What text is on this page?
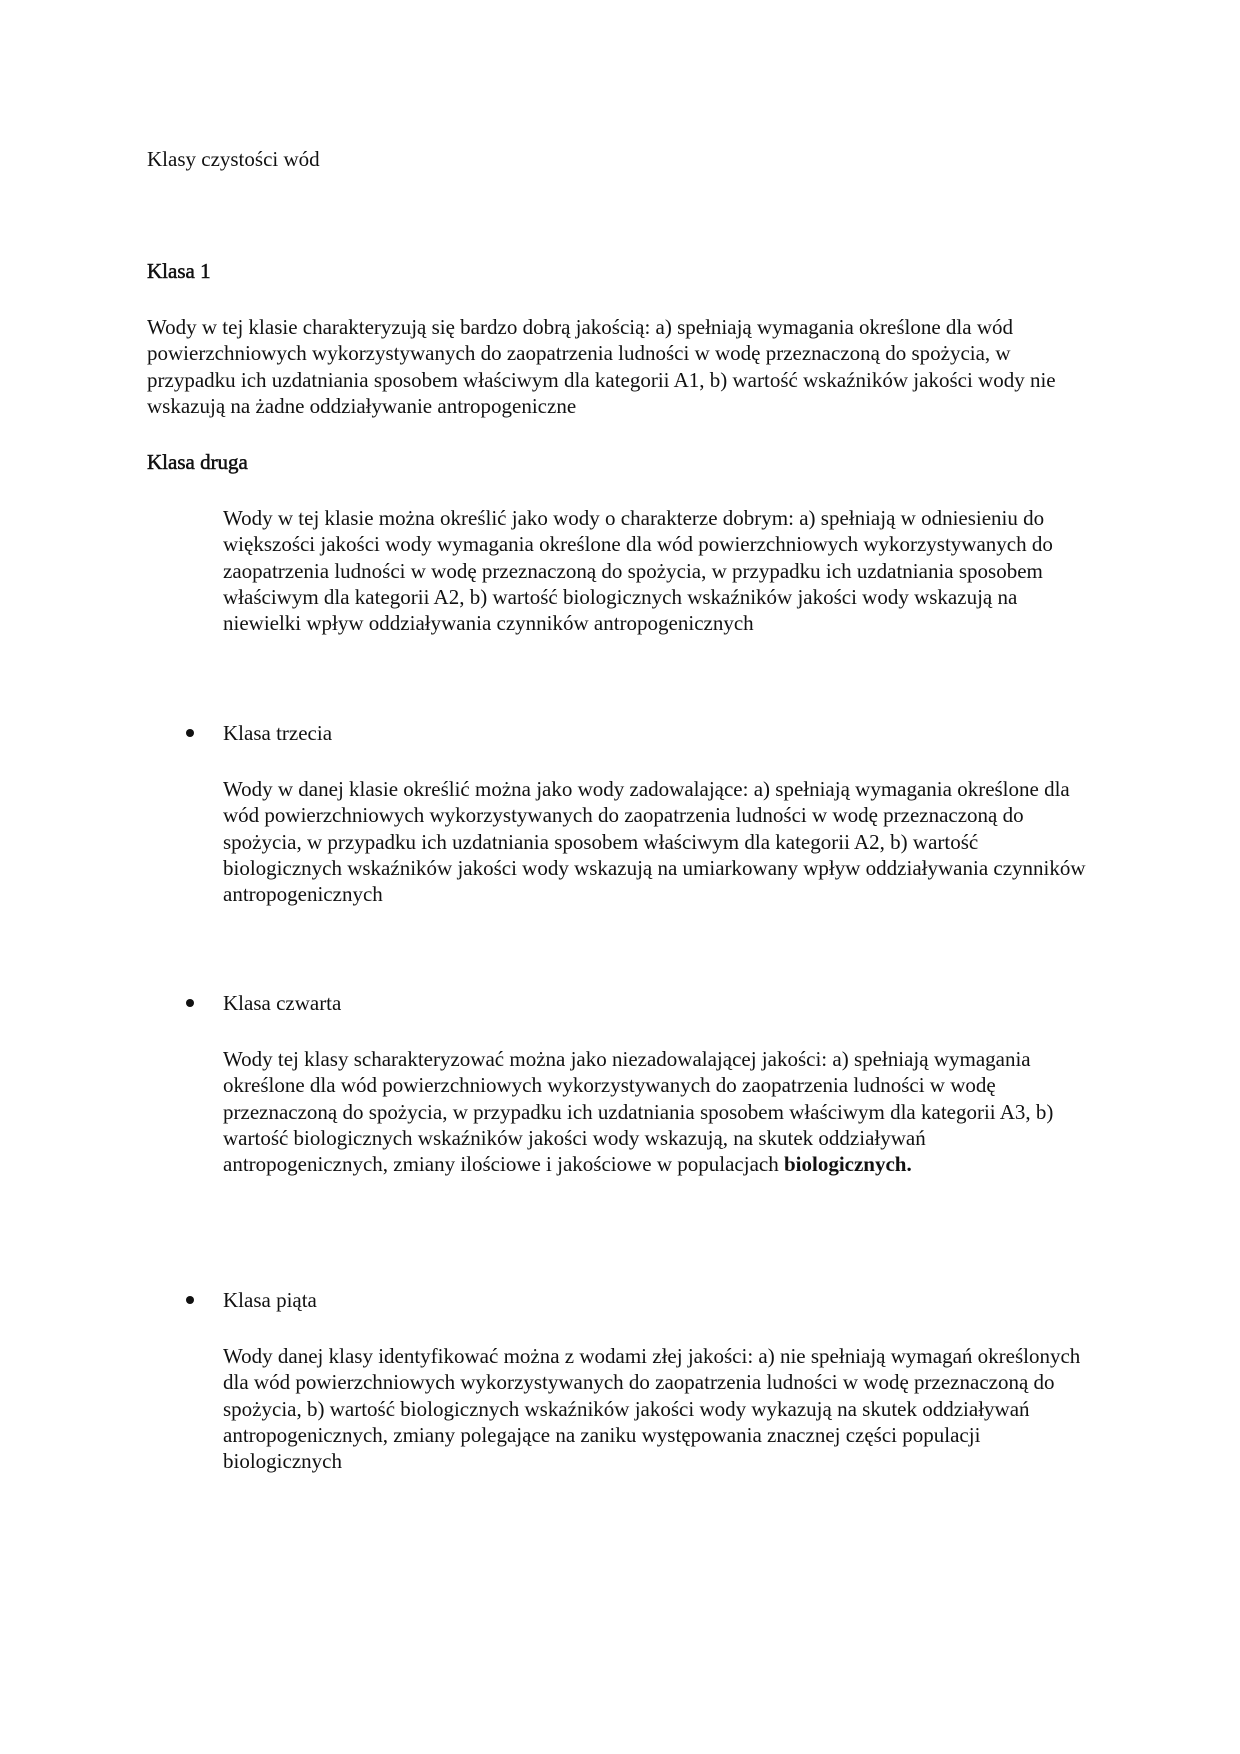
Klasy czystości wód
Klasa 1

Wody w tej klasie charakteryzują się bardzo dobrą jakością: a) spełniają wymagania określone dla wód powierzchniowych wykorzystywanych do zaopatrzenia ludności w wodę przeznaczoną do spożycia, w przypadku ich uzdatniania sposobem właściwym dla kategorii A1, b) wartość wskaźników jakości wody nie wskazują na żadne oddziaływanie antropogeniczne

Klasa druga

Wody w tej klasie można określić jako wody o charakterze dobrym: a) spełniają w odniesieniu do większości jakości wody wymagania określone dla wód powierzchniowych wykorzystywanych do zaopatrzenia ludności w wodę przeznaczoną do spożycia, w przypadku ich uzdatniania sposobem właściwym dla kategorii A2, b) wartość biologicznych wskaźników jakości wody wskazują na niewielki wpływ oddziaływania czynników antropogenicznych

Klasa trzecia

Wody w danej klasie określić można jako wody zadowalające: a) spełniają wymagania określone dla wód powierzchniowych wykorzystywanych do zaopatrzenia ludności w wodę przeznaczoną do spożycia, w przypadku ich uzdatniania sposobem właściwym dla kategorii A2, b) wartość biologicznych wskaźników jakości wody wskazują na umiarkowany wpływ oddziaływania czynników antropogenicznych

Klasa czwarta

Wody tej klasy scharakteryzować można jako niezadowalającej jakości: a) spełniają wymagania określone dla wód powierzchniowych wykorzystywanych do zaopatrzenia ludności w wodę przeznaczoną do spożycia, w przypadku ich uzdatniania sposobem właściwym dla kategorii A3, b) wartość biologicznych wskaźników jakości wody wskazują, na skutek oddziaływań antropogenicznych, zmiany ilościowe i jakościowe w populacjach biologicznych.

Klasa piąta

Wody danej klasy identyfikować można z wodami złej jakości: a) nie spełniają wymagań określonych dla wód powierzchniowych wykorzystywanych do zaopatrzenia ludności w wodę przeznaczoną do spożycia, b) wartość biologicznych wskaźników jakości wody wykazują na skutek oddziaływań antropogenicznych, zmiany polegające na zaniku występowania znacznej części populacji biologicznych
